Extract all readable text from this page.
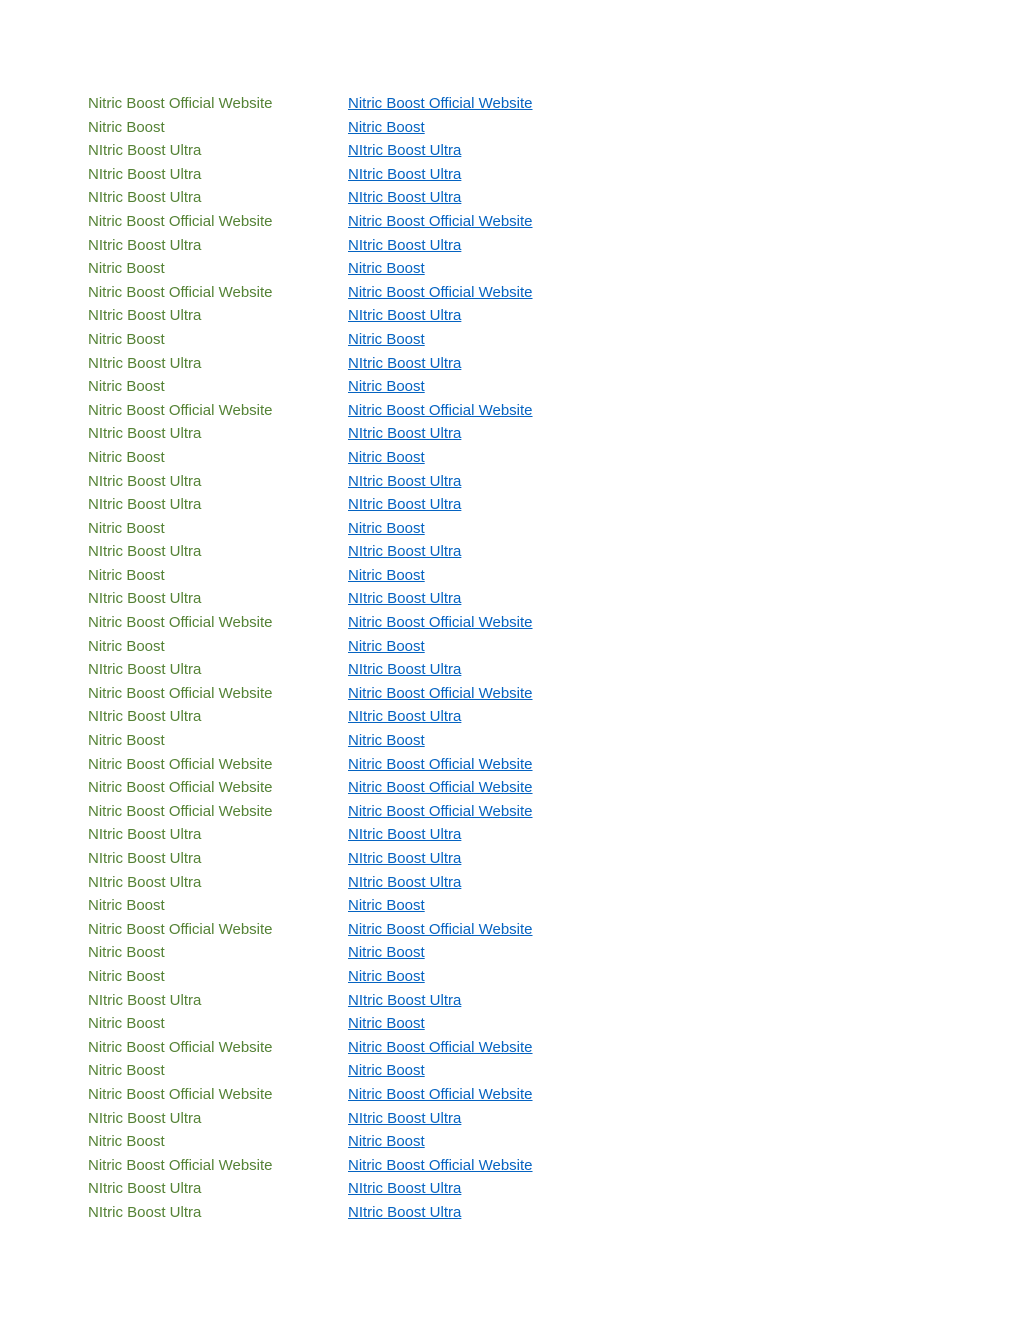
Nitric Boost Official Website	Nitric Boost Official Website
Nitric Boost	Nitric Boost
NItric Boost Ultra	NItric Boost Ultra
NItric Boost Ultra	NItric Boost Ultra
NItric Boost Ultra	NItric Boost Ultra
Nitric Boost Official Website	Nitric Boost Official Website
NItric Boost Ultra	NItric Boost Ultra
Nitric Boost	Nitric Boost
Nitric Boost Official Website	Nitric Boost Official Website
NItric Boost Ultra	NItric Boost Ultra
Nitric Boost	Nitric Boost
NItric Boost Ultra	NItric Boost Ultra
Nitric Boost	Nitric Boost
Nitric Boost Official Website	Nitric Boost Official Website
NItric Boost Ultra	NItric Boost Ultra
Nitric Boost	Nitric Boost
NItric Boost Ultra	NItric Boost Ultra
NItric Boost Ultra	NItric Boost Ultra
Nitric Boost	Nitric Boost
NItric Boost Ultra	NItric Boost Ultra
Nitric Boost	Nitric Boost
NItric Boost Ultra	NItric Boost Ultra
Nitric Boost Official Website	Nitric Boost Official Website
Nitric Boost	Nitric Boost
NItric Boost Ultra	NItric Boost Ultra
Nitric Boost Official Website	Nitric Boost Official Website
NItric Boost Ultra	NItric Boost Ultra
Nitric Boost	Nitric Boost
Nitric Boost Official Website	Nitric Boost Official Website
Nitric Boost Official Website	Nitric Boost Official Website
Nitric Boost Official Website	Nitric Boost Official Website
NItric Boost Ultra	NItric Boost Ultra
NItric Boost Ultra	NItric Boost Ultra
NItric Boost Ultra	NItric Boost Ultra
Nitric Boost	Nitric Boost
Nitric Boost Official Website	Nitric Boost Official Website
Nitric Boost	Nitric Boost
Nitric Boost	Nitric Boost
NItric Boost Ultra	NItric Boost Ultra
Nitric Boost	Nitric Boost
Nitric Boost Official Website	Nitric Boost Official Website
Nitric Boost	Nitric Boost
Nitric Boost Official Website	Nitric Boost Official Website
NItric Boost Ultra	NItric Boost Ultra
Nitric Boost	Nitric Boost
Nitric Boost Official Website	Nitric Boost Official Website
NItric Boost Ultra	NItric Boost Ultra
NItric Boost Ultra	NItric Boost Ultra
